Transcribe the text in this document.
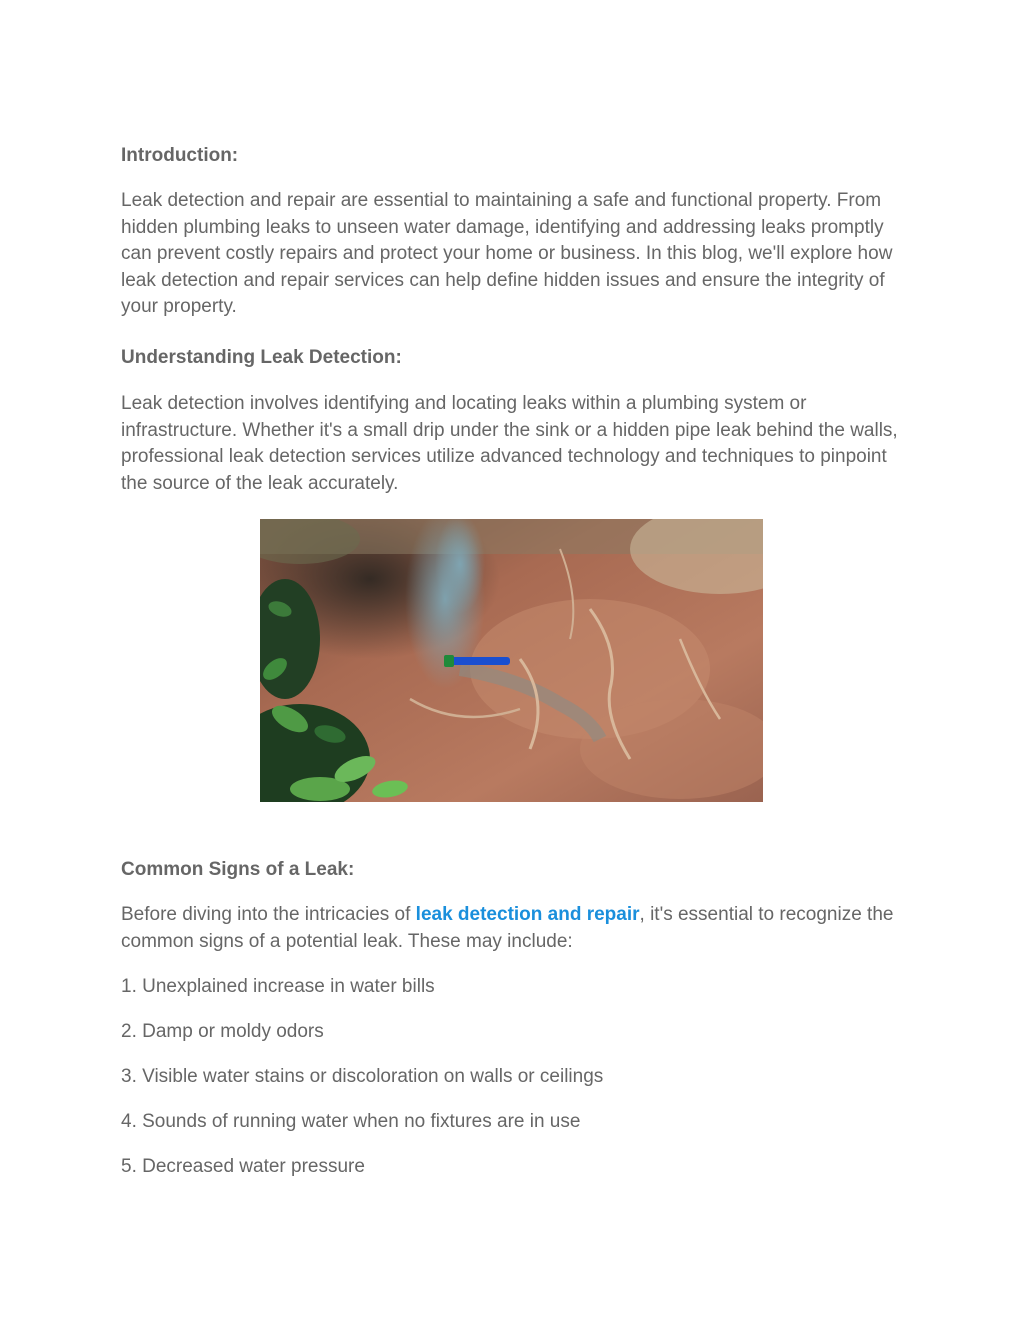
Introduction:

Leak detection and repair are essential to maintaining a safe and functional property. From hidden plumbing leaks to unseen water damage, identifying and addressing leaks promptly can prevent costly repairs and protect your home or business. In this blog, we'll explore how leak detection and repair services can help define hidden issues and ensure the integrity of your property.

Understanding Leak Detection:

Leak detection involves identifying and locating leaks within a plumbing system or infrastructure. Whether it's a small drip under the sink or a hidden pipe leak behind the walls, professional leak detection services utilize advanced technology and techniques to pinpoint the source of the leak accurately.

Common Signs of a Leak:

Before diving into the intricacies of leak detection and repair, it's essential to recognize the common signs of a potential leak. These may include:

1. Unexplained increase in water bills

2. Damp or moldy odors

3. Visible water stains or discoloration on walls or ceilings

4. Sounds of running water when no fixtures are in use

5. Decreased water pressure
